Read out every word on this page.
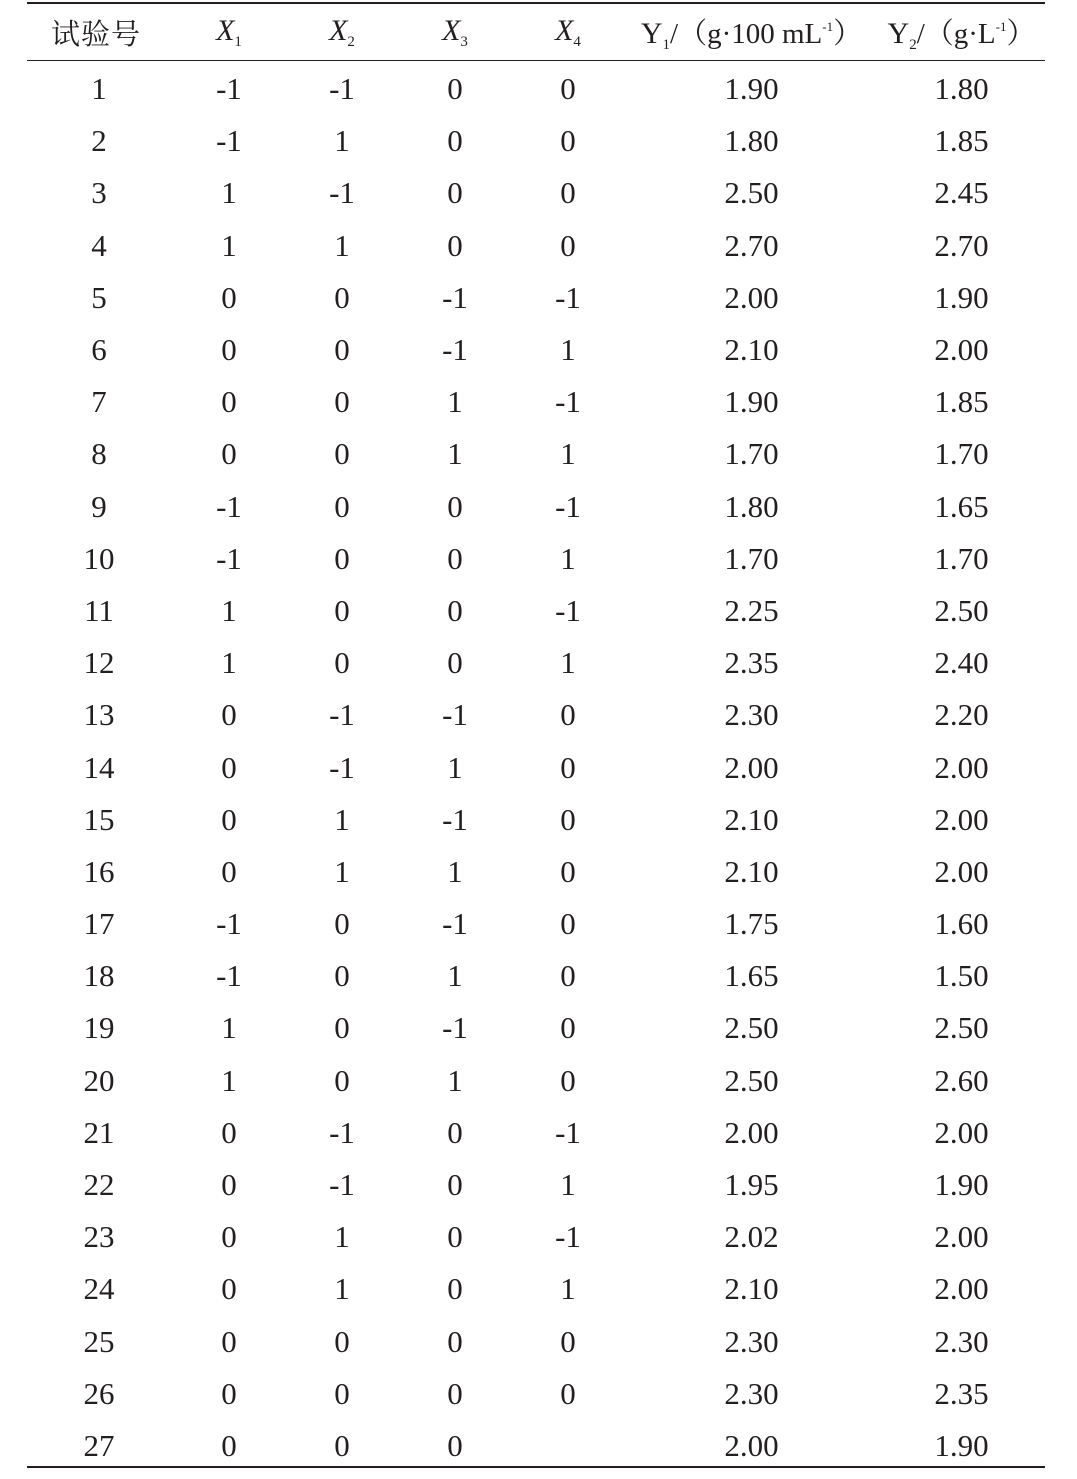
试验号	$X_1$	$X_2$	$X_3$	$X_4$	$Y_1/(g\cdot 100$ $mL^{-1}$）	$Y_2/(g\cdot L^{-1})$
1	-1	-1	0	0	1.90	1.80
2	-1	1	0	0	1.80	1.85
3	1	-1	0	0	2.50	2.45
4	1	1	0	0	2.70	2.70
5	0	0	-1	-1	2.00	1.90
6	0	0	-1	1	2.10	2.00
7	0	0	1	-1	1.90	1.85
8	0	0	1	1	1.70	1.70
9	-1	0	0	-1	1.80	1.65
10	-1	0	0	1	1.70	1.70
11	1	0	0	-1	2.25	2.50
12	1	0	0	1	2.35	2.40
13	0	-1	-1	0	2.30	2.20
14	0	-1	1	0	2.00	2.00
15	0	1	-1	0	2.10	2.00
16	0	1	1	0	2.10	2.00
17	-1	0	-1	0	1.75	1.60
18	-1	0	1	0	1.65	1.50
19	1	0	-1	0	2.50	2.50
20	1	0	1	0	2.50	2.60
21	0	-1	0	-1	2.00	2.00
22	0	-1	0	1	1.95	1.90
23	0	1	0	-1	2.02	2.00
24	0	1	0	1	2.10	2.00
25	0	0	0	0	2.30	2.30
26	0	0	0	0	2.30	2.35
27	0	0	0		2.00	1.90
